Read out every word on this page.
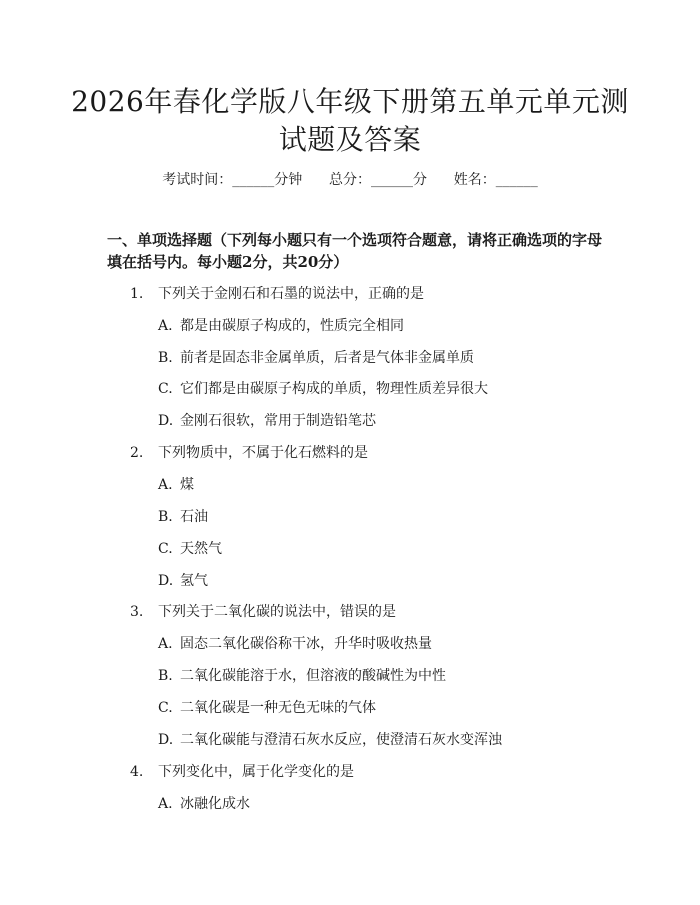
2026年春化学版八年级下册第五单元单元测
试题及答案
考试时间：______分钟      总分：______分      姓名：______
一、单项选择题（下列每小题只有一个选项符合题意，请将正确选项的字母填在括号内。每小题2分，共20分）
1. 下列关于金刚石和石墨的说法中，正确的是
A. 都是由碳原子构成的，性质完全相同
B. 前者是固态非金属单质，后者是气体非金属单质
C. 它们都是由碳原子构成的单质，物理性质差异很大
D. 金刚石很软，常用于制造铅笔芯
2. 下列物质中，不属于化石燃料的是
A. 煤
B. 石油
C. 天然气
D. 氢气
3. 下列关于二氧化碳的说法中，错误的是
A. 固态二氧化碳俗称干冰，升华时吸收热量
B. 二氧化碳能溶于水，但溶液的酸碱性为中性
C. 二氧化碳是一种无色无味的气体
D. 二氧化碳能与澄清石灰水反应，使澄清石灰水变浑浊
4. 下列变化中，属于化学变化的是
A. 冰融化成水
